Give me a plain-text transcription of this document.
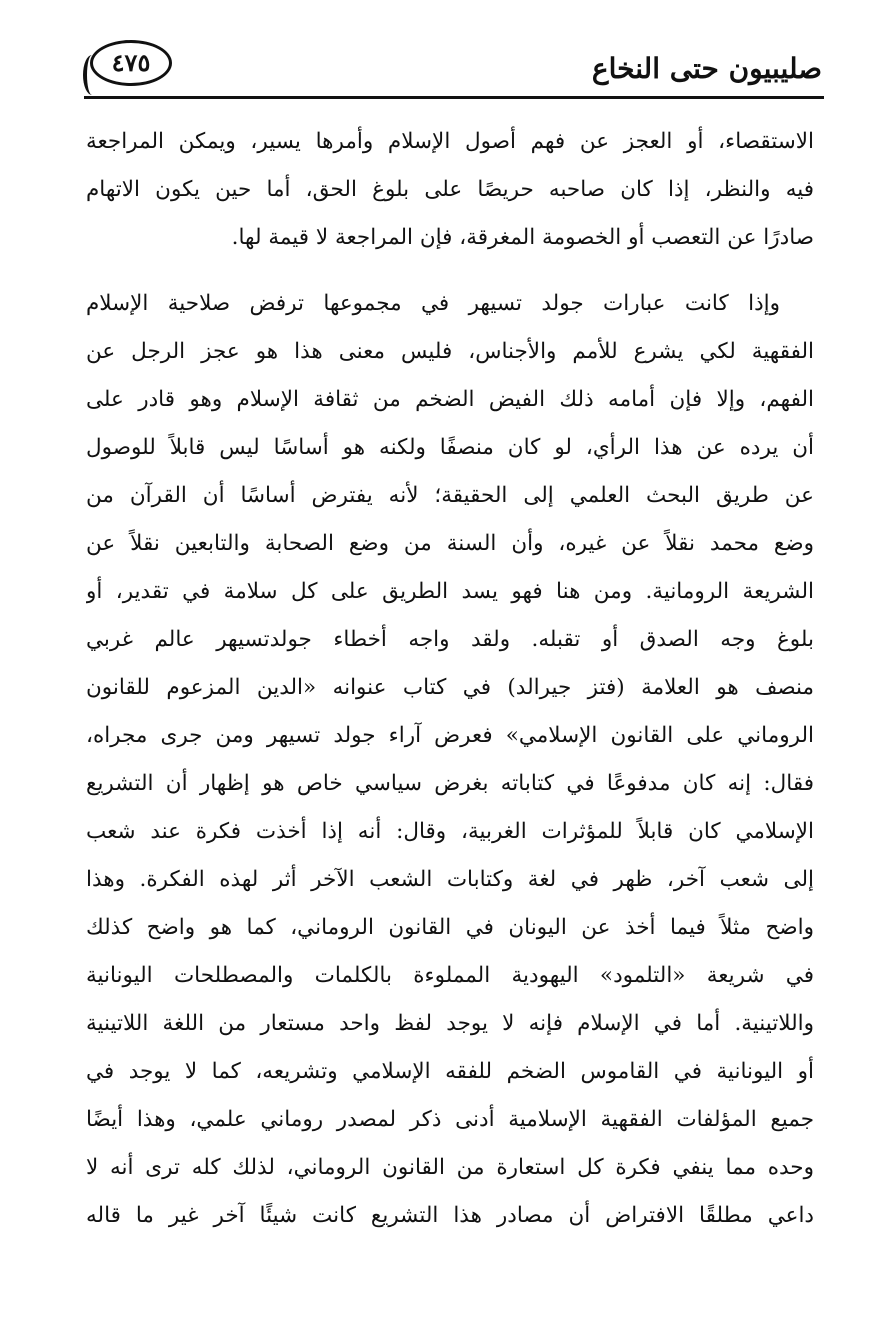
٤٧٥	صليبيون حتى النخاع
الاستقصاء، أو العجز عن فهم أصول الإسلام وأمرها يسير، ويمكن المراجعة
فيه والنظر، إذا كان صاحبه حريصًا على بلوغ الحق، أما حين يكون الاتهام
صادرًا عن التعصب أو الخصومة المغرقة، فإن المراجعة لا قيمة لها.
وإذا كانت عبارات جولد تسيهر في مجموعها ترفض صلاحية الإسلام
الفقهية لكي يشرع للأمم والأجناس، فليس معنى هذا هو عجز الرجل عن
الفهم، وإلا فإن أمامه ذلك الفيض الضخم من ثقافة الإسلام وهو قادر على
أن يرده عن هذا الرأي، لو كان منصفًا ولكنه هو أساسًا ليس قابلاً للوصول
عن طريق البحث العلمي إلى الحقيقة؛ لأنه يفترض أساسًا أن القرآن من
وضع محمد نقلاً عن غيره، وأن السنة من وضع الصحابة والتابعين نقلاً عن
الشريعة الرومانية. ومن هنا فهو يسد الطريق على كل سلامة في تقدير، أو
بلوغ وجه الصدق أو تقبله. ولقد واجه أخطاء جولدتسيهر عالم غربي
منصف هو العلامة (فتز جيرالد) في كتاب عنوانه «الدين المزعوم للقانون
الروماني على القانون الإسلامي» فعرض آراء جولد تسيهر ومن جرى مجراه،
فقال: إنه كان مدفوعًا في كتاباته بغرض سياسي خاص هو إظهار أن التشريع
الإسلامي كان قابلاً للمؤثرات الغربية، وقال: أنه إذا أخذت فكرة عند شعب
إلى شعب آخر، ظهر في لغة وكتابات الشعب الآخر أثر لهذه الفكرة. وهذا
واضح مثلاً فيما أخذ عن اليونان في القانون الروماني، كما هو واضح كذلك
في شريعة «التلمود» اليهودية المملوءة بالكلمات والمصطلحات اليونانية
واللاتينية. أما في الإسلام فإنه لا يوجد لفظ واحد مستعار من اللغة اللاتينية
أو اليونانية في القاموس الضخم للفقه الإسلامي وتشريعه، كما لا يوجد في
جميع المؤلفات الفقهية الإسلامية أدنى ذكر لمصدر روماني علمي، وهذا أيضًا
وحده مما ينفي فكرة كل استعارة من القانون الروماني، لذلك كله ترى أنه لا
داعي مطلقًا الافتراض أن مصادر هذا التشريع كانت شيئًا آخر غير ما قاله
